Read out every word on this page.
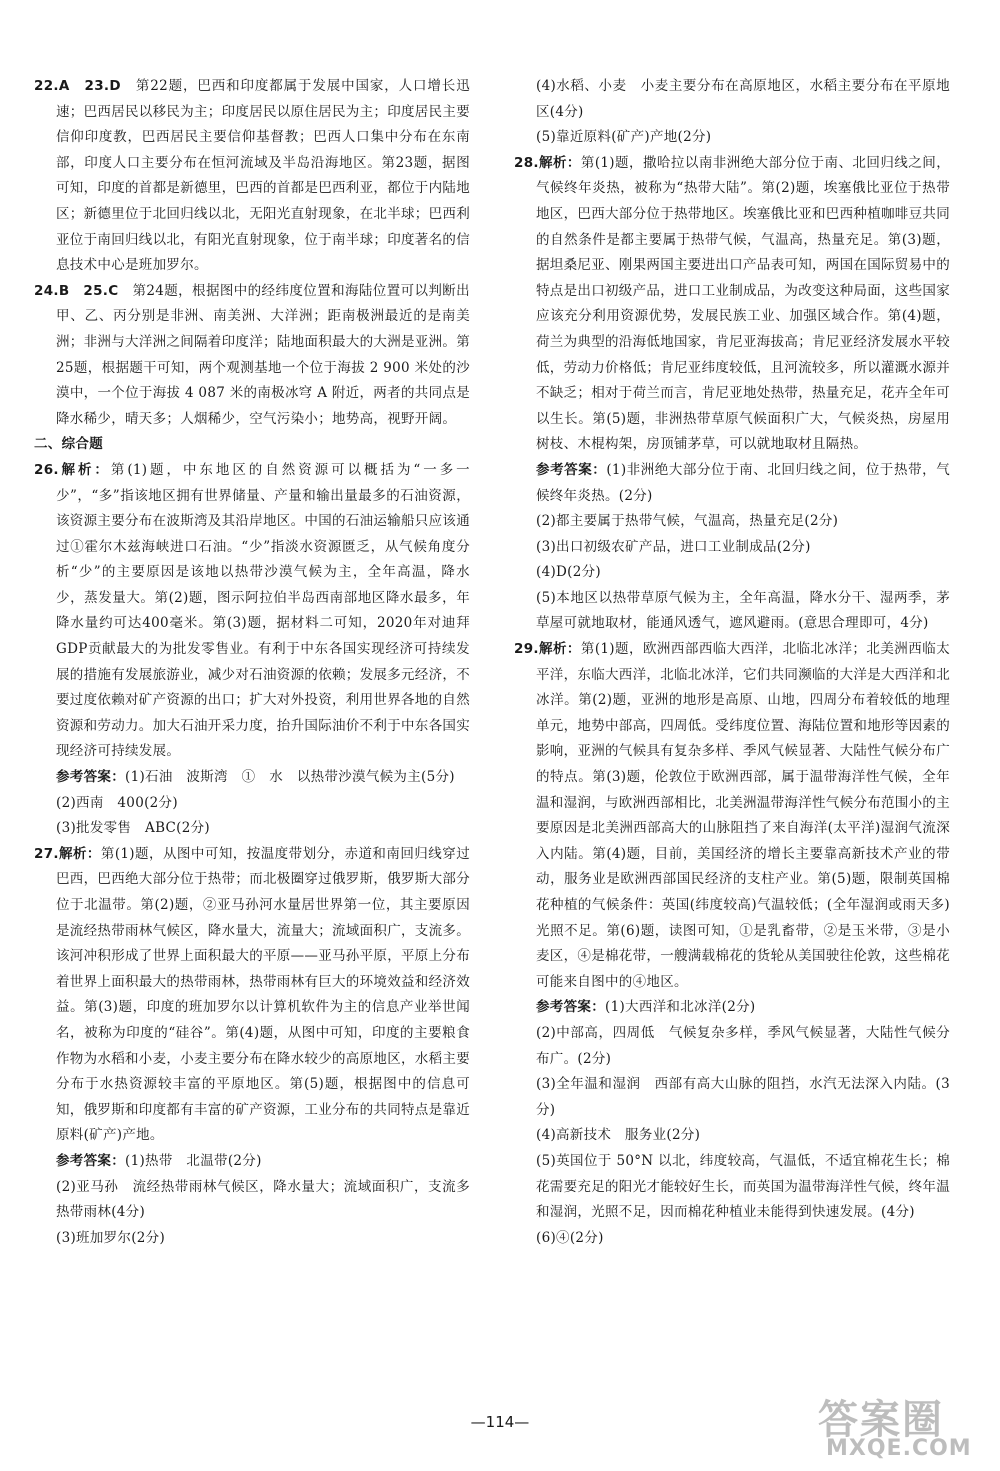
22.A　23.D　 第22题，巴西和印度都属于发展中国家，人口增长迅速；巴西居民以移民为主；印度居民以原住居民为主；印度居民主要信仰印度教，巴西居民主要信仰基督教；巴西人口集中分布在东南部，印度人口主要分布在恒河流域及半岛沿海地区。第23题，据图可知，印度的首都是新德里，巴西的首都是巴西利亚，都位于内陆地区；新德里位于北回归线以北，无阳光直射现象，在北半球；巴西利亚位于南回归线以北，有阳光直射现象，位于南半球；印度著名的信息技术中心是班加罗尔。

24.B　25.C　 第24题，根据图中的经纬度位置和海陆位置可以判断出甲、乙、丙分别是非洲、南美洲、大洋洲；距南极洲最近的是南美洲；非洲与大洋洲之间隔着印度洋；陆地面积最大的大洲是亚洲。第25题，根据题干可知，两个观测基地一个位于海拔 2 900 米处的沙漠中，一个位于海拔 4 087 米的南极冰穹 A 附近，两者的共同点是降水稀少，晴天多；人烟稀少，空气污染小；地势高，视野开阔。

二、综合题

26.解析：第(1)题，中东地区的自然资源可以概括为“一多一少”，“多”指该地区拥有世界储量、产量和输出量最多的石油资源，该资源主要分布在波斯湾及其沿岸地区。中国的石油运输船只应该通过①霍尔木兹海峡进口石油。“少”指淡水资源匮乏，从气候角度分析“少”的主要原因是该地以热带沙漠气候为主，全年高温，降水少，蒸发量大。第(2)题，图示阿拉伯半岛西南部地区降水最多，年降水量约可达400毫米。第(3)题，据材料二可知，2020年对迪拜GDP贡献最大的为批发零售业。有利于中东各国实现经济可持续发展的措施有发展旅游业，减少对石油资源的依赖；发展多元经济，不要过度依赖对矿产资源的出口；扩大对外投资，利用世界各地的自然资源和劳动力。加大石油开采力度，抬升国际油价不利于中东各国实现经济可持续发展。

参考答案：(1)石油　波斯湾　①　水　以热带沙漠气候为主(5分)

(2)西南　400(2分)

(3)批发零售　ABC(2分)

27.解析：第(1)题，从图中可知，按温度带划分，赤道和南回归线穿过巴西，巴西绝大部分位于热带；而北极圈穿过俄罗斯，俄罗斯大部分位于北温带。第(2)题，②亚马孙河水量居世界第一位，其主要原因是流经热带雨林气候区，降水量大，流量大；流域面积广，支流多。该河冲积形成了世界上面积最大的平原——亚马孙平原，平原上分布着世界上面积最大的热带雨林，热带雨林有巨大的环境效益和经济效益。第(3)题，印度的班加罗尔以计算机软件为主的信息产业举世闻名，被称为印度的“硅谷”。第(4)题，从图中可知，印度的主要粮食作物为水稻和小麦，小麦主要分布在降水较少的高原地区，水稻主要分布于水热资源较丰富的平原地区。第(5)题，根据图中的信息可知，俄罗斯和印度都有丰富的矿产资源，工业分布的共同特点是靠近原料(矿产)产地。

参考答案：(1)热带　北温带(2分)

(2)亚马孙　流经热带雨林气候区，降水量大；流域面积广，支流多　热带雨林(4分)

(3)班加罗尔(2分)

(4)水稻、小麦　小麦主要分布在高原地区，水稻主要分布在平原地区(4分)

(5)靠近原料(矿产)产地(2分)

28.解析：第(1)题，撒哈拉以南非洲绝大部分位于南、北回归线之间，气候终年炎热，被称为“热带大陆”。第(2)题，埃塞俄比亚位于热带地区，巴西大部分位于热带地区。埃塞俄比亚和巴西种植咖啡豆共同的自然条件是都主要属于热带气候，气温高，热量充足。第(3)题，据坦桑尼亚、刚果两国主要进出口产品表可知，两国在国际贸易中的特点是出口初级产品，进口工业制成品，为改变这种局面，这些国家应该充分利用资源优势，发展民族工业、加强区域合作。第(4)题，荷兰为典型的沿海低地国家，肯尼亚海拔高；肯尼亚经济发展水平较低，劳动力价格低；肯尼亚纬度较低，且河流较多，所以灌溉水源并不缺乏；相对于荷兰而言，肯尼亚地处热带，热量充足，花卉全年可以生长。第(5)题，非洲热带草原气候面积广大，气候炎热，房屋用树枝、木棍构架，房顶铺茅草，可以就地取材且隔热。

参考答案：(1)非洲绝大部分位于南、北回归线之间，位于热带，气候终年炎热。(2分)

(2)都主要属于热带气候，气温高，热量充足(2分)

(3)出口初级农矿产品，进口工业制成品(2分)

(4)D(2分)

(5)本地区以热带草原气候为主，全年高温，降水分干、湿两季，茅草屋可就地取材，能通风透气，遮风避雨。(意思合理即可，4分)

29.解析：第(1)题，欧洲西部西临大西洋，北临北冰洋；北美洲西临太平洋，东临大西洋，北临北冰洋，它们共同濒临的大洋是大西洋和北冰洋。第(2)题，亚洲的地形是高原、山地，四周分布着较低的地理单元，地势中部高，四周低。受纬度位置、海陆位置和地形等因素的影响，亚洲的气候具有复杂多样、季风气候显著、大陆性气候分布广的特点。第(3)题，伦敦位于欧洲西部，属于温带海洋性气候，全年温和湿润，与欧洲西部相比，北美洲温带海洋性气候分布范围小的主要原因是北美洲西部高大的山脉阻挡了来自海洋(太平洋)湿润气流深入内陆。第(4)题，目前，美国经济的增长主要靠高新技术产业的带动，服务业是欧洲西部国民经济的支柱产业。第(5)题，限制英国棉花种植的气候条件：英国(纬度较高)气温较低；(全年湿润或雨天多)光照不足。第(6)题，读图可知，①是乳畜带，②是玉米带，③是小麦区，④是棉花带，一艘满载棉花的货轮从美国驶往伦敦，这些棉花可能来自图中的④地区。

参考答案：(1)大西洋和北冰洋(2分)

(2)中部高，四周低　气候复杂多样，季风气候显著，大陆性气候分布广。(2分)

(3)全年温和湿润　西部有高大山脉的阻挡，水汽无法深入内陆。(3分)

(4)高新技术　服务业(2分)

(5)英国位于 50°N 以北，纬度较高，气温低，不适宜棉花生长；棉花需要充足的阳光才能较好生长，而英国为温带海洋性气候，终年温和湿润，光照不足，因而棉花种植业未能得到快速发展。(4分)

(6)④(2分)

—114—	答案圈
MXQE.COM
